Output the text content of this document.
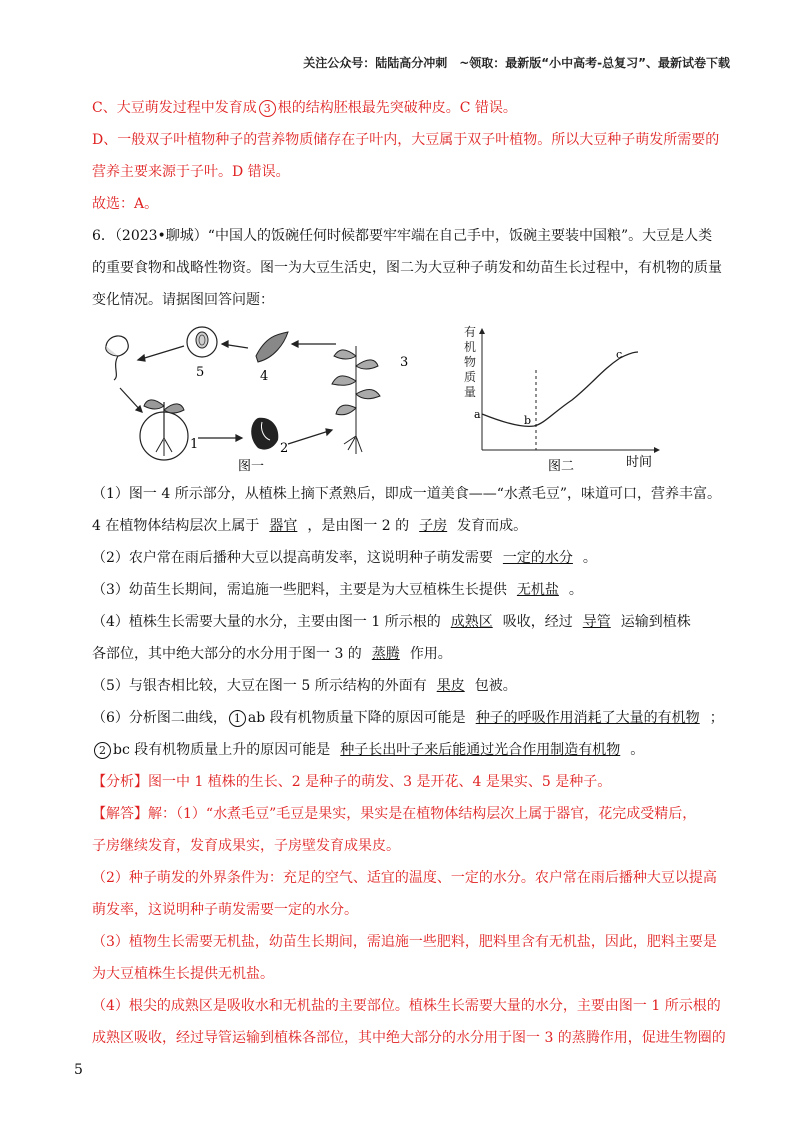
关注公众号：陆陆高分冲刺　~领取：最新版“小中高考-总复习”、最新试卷下载
C、大豆萌发过程中发育成 3 根的结构胚根最先突破种皮。C 错误。
D、一般双子叶植物种子的营养物质储存在子叶内，大豆属于双子叶植物。所以大豆种子萌发所需要的
营养主要来源于子叶。D 错误。
故选：A。
6．（2023•聊城）“中国人的饭碗任何时候都要牢牢端在自己手中，饭碗主要装中国粮”。大豆是人类
的重要食物和战略性物资。图一为大豆生活史，图二为大豆种子萌发和幼苗生长过程中，有机物的质量
变化情况。请据图回答问题：
5	4
3
1	2
图一
有
机
物
质
量
a	b
c
时间
图二
（1）图一 4 所示部分，从植株上摘下煮熟后，即成一道美食——“水煮毛豆”，味道可口，营养丰富。
4 在植物体结构层次上属于 器官 ，是由图一 2 的 子房 发育而成。
（2）农户常在雨后播种大豆以提高萌发率，这说明种子萌发需要 一定的水分 。
（3）幼苗生长期间，需追施一些肥料，主要是为大豆植株生长提供 无机盐 。
（4）植株生长需要大量的水分，主要由图一 1 所示根的 成熟区 吸收，经过 导管 运输到植株
各部位，其中绝大部分的水分用于图一 3 的 蒸腾 作用。
（5）与银杏相比较，大豆在图一 5 所示结构的外面有 果皮 包被。
（6）分析图二曲线， 1 ab 段有机物质量下降的原因可能是 种子的呼吸作用消耗了大量的有机物 ；
2 bc 段有机物质量上升的原因可能是 种子长出叶子来后能通过光合作用制造有机物 。
【分析】图一中 1 植株的生长、2 是种子的萌发、3 是开花、4 是果实、5 是种子。
【解答】解：（1）“水煮毛豆”毛豆是果实，果实是在植物体结构层次上属于器官，花完成受精后，
子房继续发育，发育成果实，子房壁发育成果皮。
（2）种子萌发的外界条件为：充足的空气、适宜的温度、一定的水分。农户常在雨后播种大豆以提高
萌发率，这说明种子萌发需要一定的水分。
（3）植物生长需要无机盐，幼苗生长期间，需追施一些肥料，肥料里含有无机盐，因此，肥料主要是
为大豆植株生长提供无机盐。
（4）根尖的成熟区是吸收水和无机盐的主要部位。植株生长需要大量的水分，主要由图一 1 所示根的
成熟区吸收，经过导管运输到植株各部位，其中绝大部分的水分用于图一 3 的蒸腾作用，促进生物圈的
5
